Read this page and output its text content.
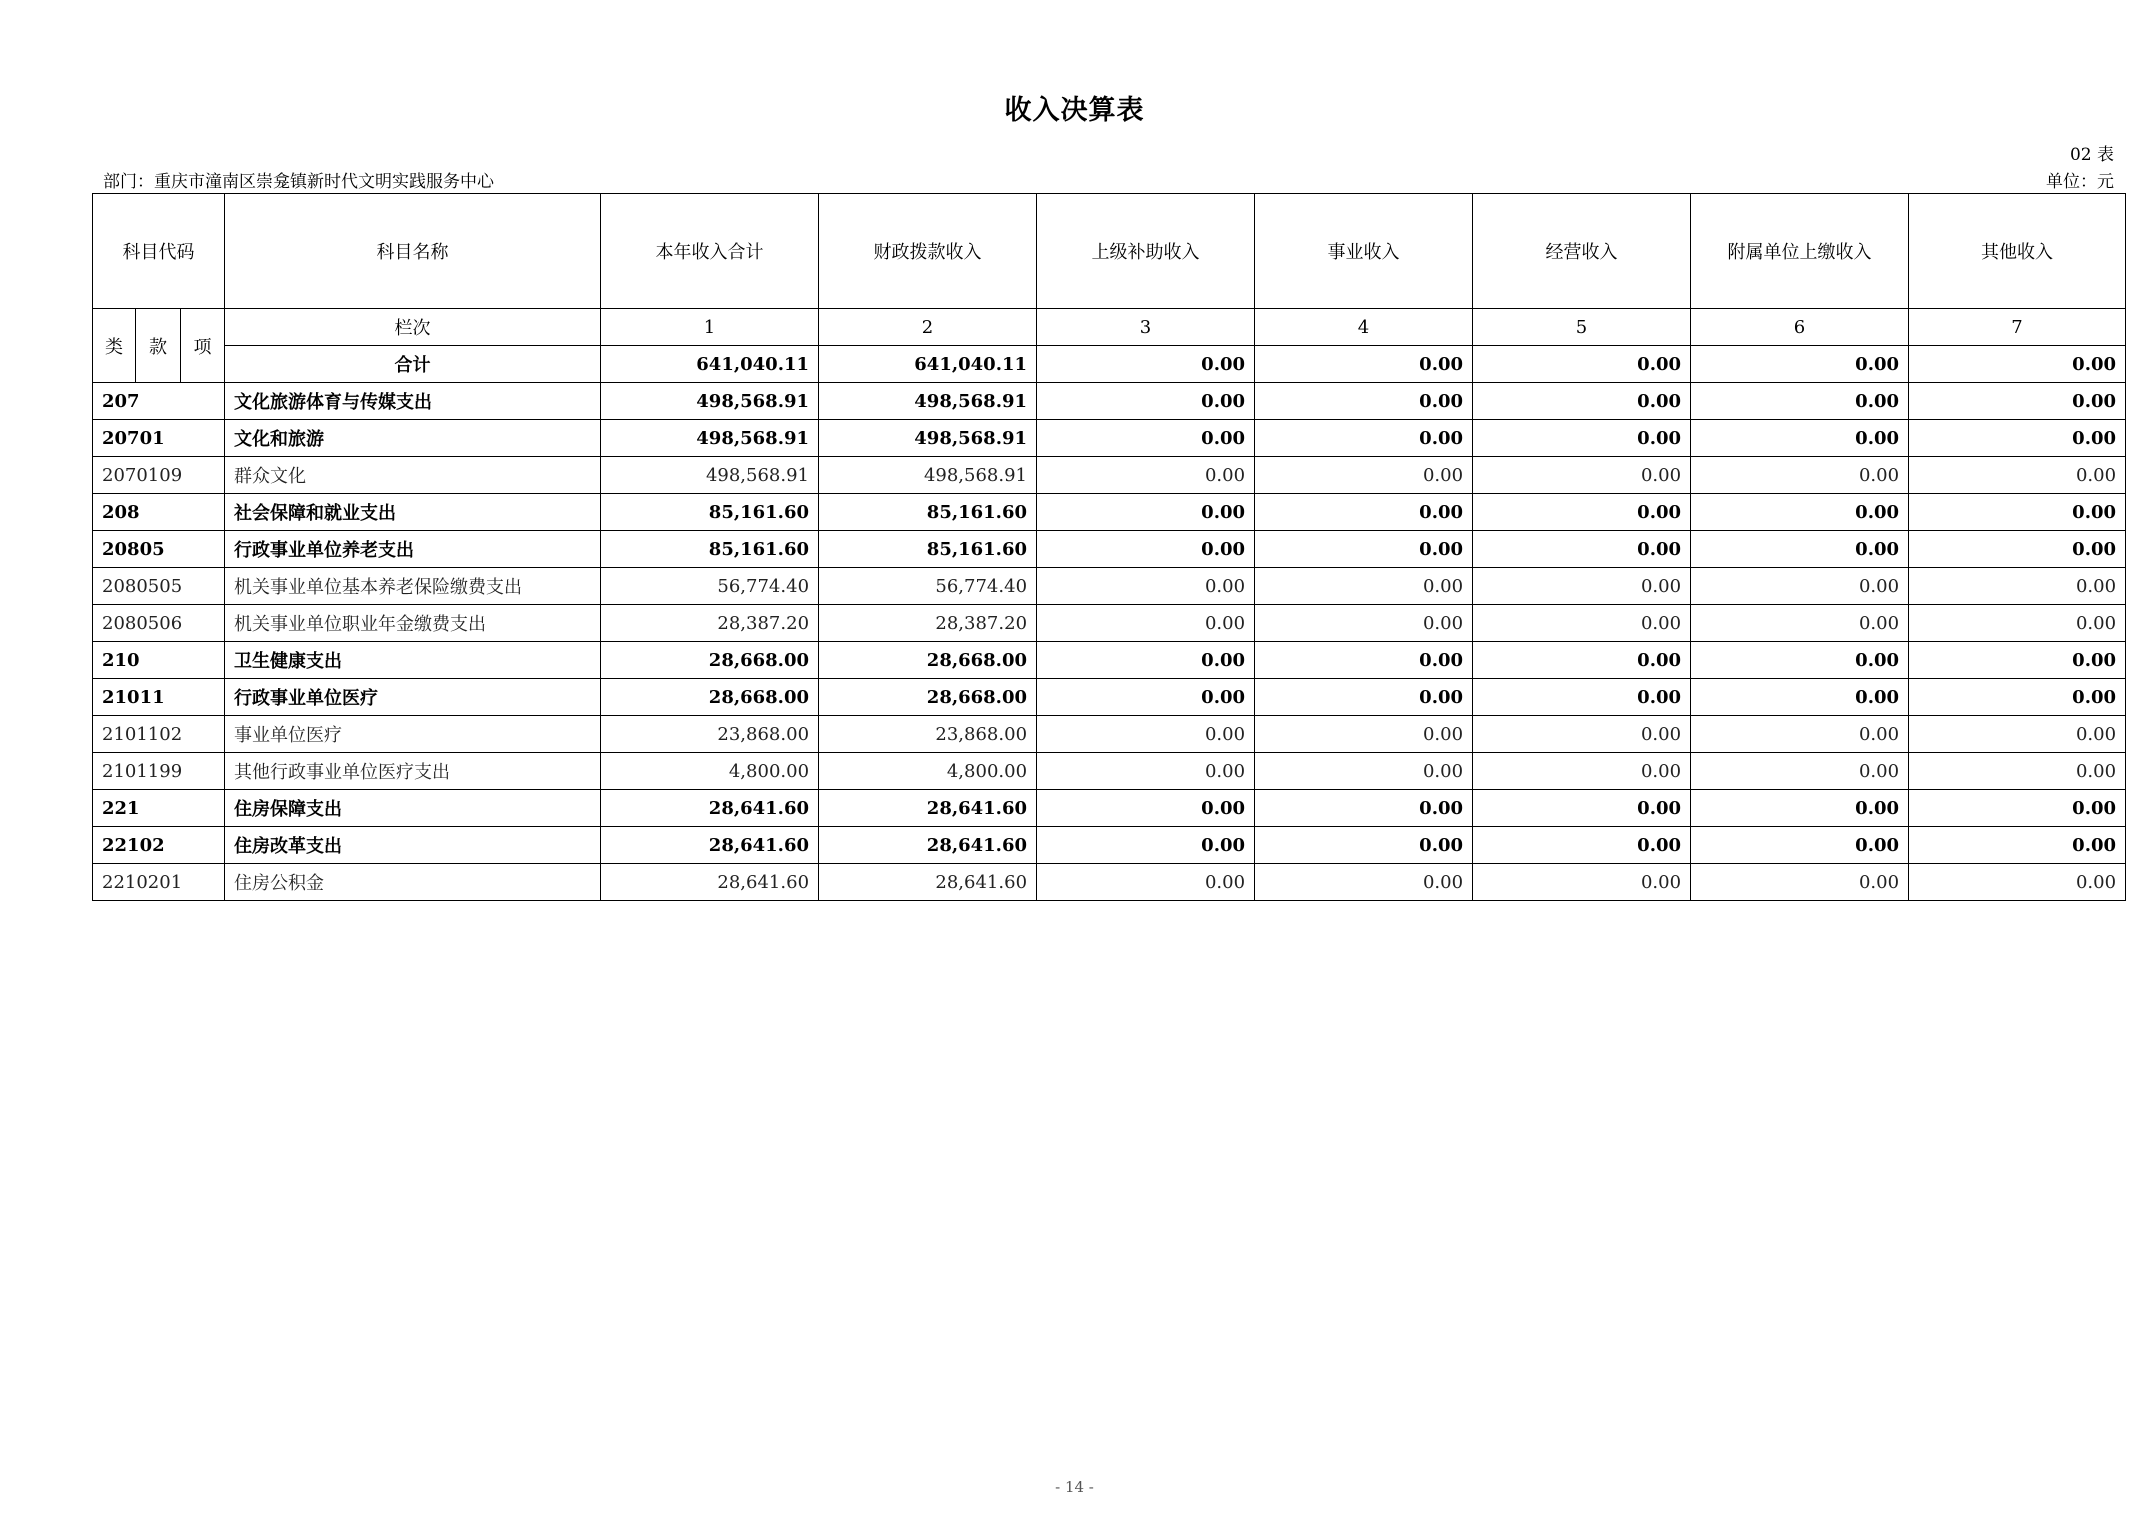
收入决算表
02 表
部门：重庆市潼南区崇龛镇新时代文明实践服务中心	单位：元
科目代码			科目名称	本年收入合计	财政拨款收入	上级补助收入	事业收入	经营收入	附属单位上缴收入	其他收入
类	款	项	栏次	1	2	3	4	5	6	7
			合计	641,040.11	641,040.11	0.00	0.00	0.00	0.00	0.00
207			文化旅游体育与传媒支出	498,568.91	498,568.91	0.00	0.00	0.00	0.00	0.00
20701			文化和旅游	498,568.91	498,568.91	0.00	0.00	0.00	0.00	0.00
2070109			群众文化	498,568.91	498,568.91	0.00	0.00	0.00	0.00	0.00
208			社会保障和就业支出	85,161.60	85,161.60	0.00	0.00	0.00	0.00	0.00
20805			行政事业单位养老支出	85,161.60	85,161.60	0.00	0.00	0.00	0.00	0.00
2080505			机关事业单位基本养老保险缴费支出	56,774.40	56,774.40	0.00	0.00	0.00	0.00	0.00
2080506			机关事业单位职业年金缴费支出	28,387.20	28,387.20	0.00	0.00	0.00	0.00	0.00
210			卫生健康支出	28,668.00	28,668.00	0.00	0.00	0.00	0.00	0.00
21011			行政事业单位医疗	28,668.00	28,668.00	0.00	0.00	0.00	0.00	0.00
2101102			事业单位医疗	23,868.00	23,868.00	0.00	0.00	0.00	0.00	0.00
2101199			其他行政事业单位医疗支出	4,800.00	4,800.00	0.00	0.00	0.00	0.00	0.00
221			住房保障支出	28,641.60	28,641.60	0.00	0.00	0.00	0.00	0.00
22102			住房改革支出	28,641.60	28,641.60	0.00	0.00	0.00	0.00	0.00
2210201			住房公积金	28,641.60	28,641.60	0.00	0.00	0.00	0.00	0.00
- 14 -
